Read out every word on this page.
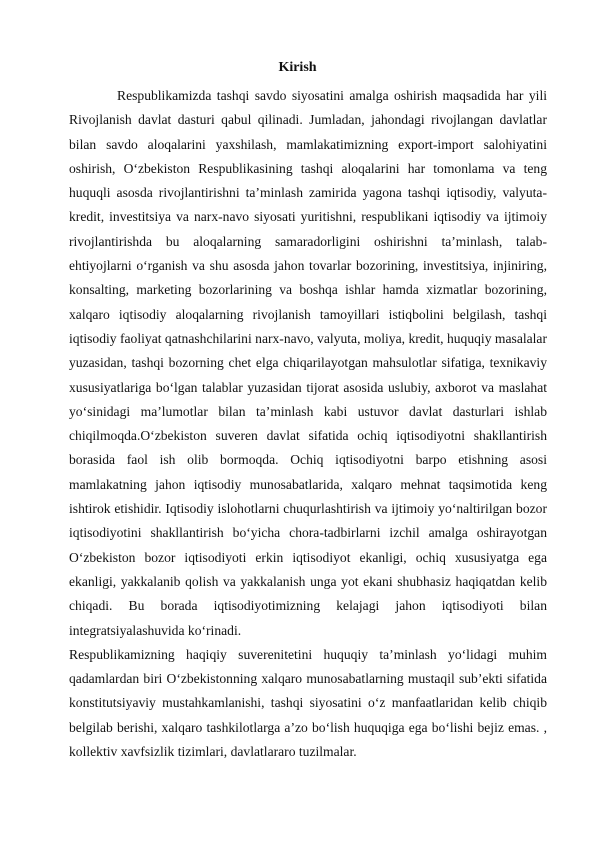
Kirish

Respublikamizda tashqi savdo siyosatini amalga oshirish maqsadida har yili Rivojlanish davlat dasturi qabul qilinadi. Jumladan, jahondagi rivojlangan davlatlar bilan savdo aloqalarini yaxshilash, mamlakatimizning export-import salohiyatini oshirish, O‘zbekiston Respublikasining tashqi aloqalarini har tomonlama va teng huquqli asosda rivojlantirishni ta’minlash zamirida yagona tashqi iqtisodiy, valyuta-kredit, investitsiya va narx-navo siyosati yuritishni, respublikani iqtisodiy va ijtimoiy rivojlantirishda bu aloqalarning samaradorligini oshirishni ta’minlash, talab-ehtiyojlarni o‘rganish va shu asosda jahon tovarlar bozorining, investitsiya, injiniring, konsalting, marketing bozorlarining va boshqa ishlar hamda xizmatlar bozorining, xalqaro iqtisodiy aloqalarning rivojlanish tamoyillari istiqbolini belgilash, tashqi iqtisodiy faoliyat qatnashchilarini narx-navo, valyuta, moliya, kredit, huquqiy masalalar yuzasidan, tashqi bozorning chet elga chiqarilayotgan mahsulotlar sifatiga, texnikaviy xususiyatlariga bo‘lgan talablar yuzasidan tijorat asosida uslubiy, axborot va maslahat yo‘sinidagi ma’lumotlar bilan ta’minlash kabi ustuvor davlat dasturlari ishlab chiqilmoqda.O‘zbekiston suveren davlat sifatida ochiq iqtisodiyotni shakllantirish borasida faol ish olib bormoqda. Ochiq iqtisodiyotni barpo etishning asosi mamlakatning jahon iqtisodiy munosabatlarida, xalqaro mehnat taqsimotida keng ishtirok etishidir. Iqtisodiy islohotlarni chuqurlashtirish va ijtimoiy yo‘naltirilgan bozor iqtisodiyotini shakllantirish bo‘yicha chora-tadbirlarni izchil amalga oshirayotgan O‘zbekiston bozor iqtisodiyoti erkin iqtisodiyot ekanligi, ochiq xususiyatga ega ekanligi, yakkalanib qolish va yakkalanish unga yot ekani shubhasiz haqiqatdan kelib chiqadi. Bu borada iqtisodiyotimizning kelajagi jahon iqtisodiyoti bilan integratsiyalashuvida ko‘rinadi.

Respublikamizning haqiqiy suverenitetini huquqiy ta’minlash yo‘lidagi muhim qadamlardan biri O‘zbekistonning xalqaro munosabatlarning mustaqil sub’ekti sifatida konstitutsiyaviy mustahkamlanishi, tashqi siyosatini o‘z manfaatlaridan kelib chiqib belgilab berishi, xalqaro tashkilotlarga a’zo bo‘lish huquqiga ega bo‘lishi bejiz emas. , kollektiv xavfsizlik tizimlari, davlatlararo tuzilmalar.
